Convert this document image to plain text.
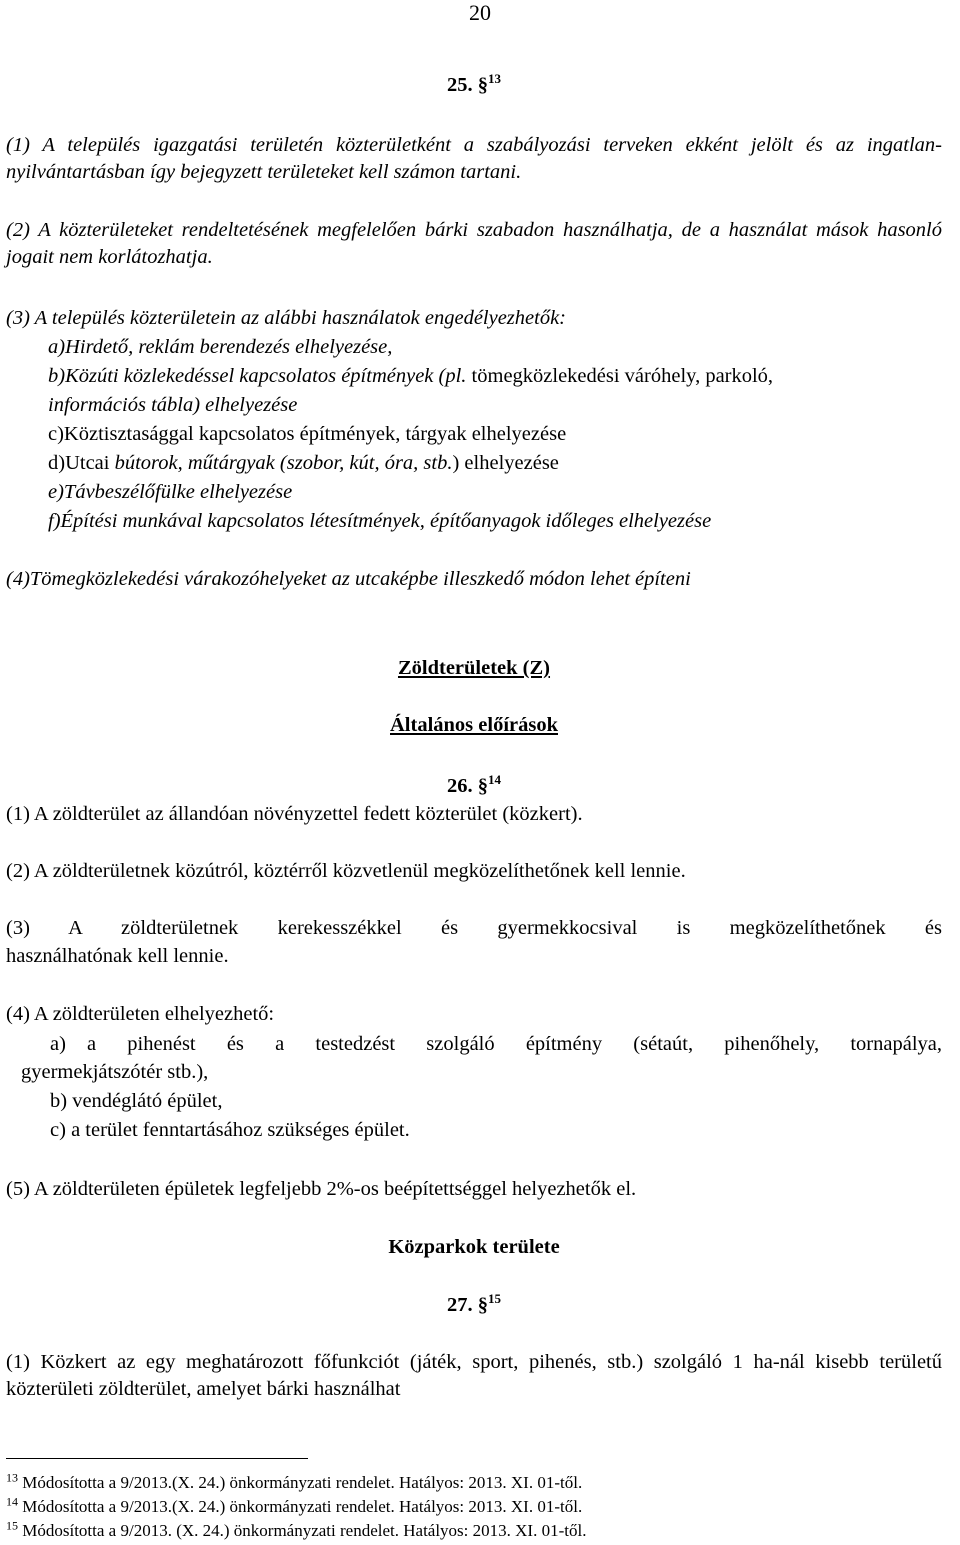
20
25. §$^{13}$
(1) A település igazgatási területén közterületként a szabályozási terveken ekként jelölt és az ingatlan-nyilvántartásban így bejegyzett területeket kell számon tartani.
(2) A közterületeket rendeltetésének megfelelően bárki szabadon használhatja, de a használat mások hasonló jogait nem korlátozhatja.
(3) A település közterületein az alábbi használatok engedélyezhetők:
a)Hirdető, reklám berendezés elhelyezése,
b)Közúti közlekedéssel kapcsolatos építmények (pl. tömegközlekedési váróhely, parkoló,
információs tábla) elhelyezése
c)Köztisztasággal kapcsolatos építmények, tárgyak elhelyezése
d)Utcai bútorok, műtárgyak (szobor, kút, óra, stb.) elhelyezése
e)Távbeszélőfülke elhelyezése
f)Építési munkával kapcsolatos létesítmények, építőanyagok időleges elhelyezése
(4)Tömegközlekedési várakozóhelyeket az utcaképbe illeszkedő módon lehet építeni
Zöldterületek (Z)
Általános előírások
26. §$^{14}$
(1) A zöldterület az állandóan növényzettel fedett közterület (közkert).
(2) A zöldterületnek közútról, köztérről közvetlenül megközelíthetőnek kell lennie.
(3) A zöldterületnek kerekesszékkel és gyermekkocsival is megközelíthetőnek és
használhatónak kell lennie.
(4) A zöldterületen elhelyezhető:
a) a pihenést és a testedzést szolgáló építmény (sétaút, pihenőhely, tornapálya,
gyermekjátszótér stb.),
b) vendéglátó épület,
c) a terület fenntartásához szükséges épület.
(5) A zöldterületen épületek legfeljebb 2%-os beépítettséggel helyezhetők el.
Közparkok területe
27. §$^{15}$
(1) Közkert az egy meghatározott főfunkciót (játék, sport, pihenés, stb.) szolgáló 1 ha-nál kisebb területű közterületi zöldterület, amelyet bárki használhat
$^{13}$ Módosította a 9/2013.(X. 24.) önkormányzati rendelet. Hatályos: 2013. XI. 01-től.
$^{14}$ Módosította a 9/2013.(X. 24.) önkormányzati rendelet. Hatályos: 2013. XI. 01-től.
$^{15}$ Módosította a 9/2013. (X. 24.) önkormányzati rendelet. Hatályos: 2013. XI. 01-től.
